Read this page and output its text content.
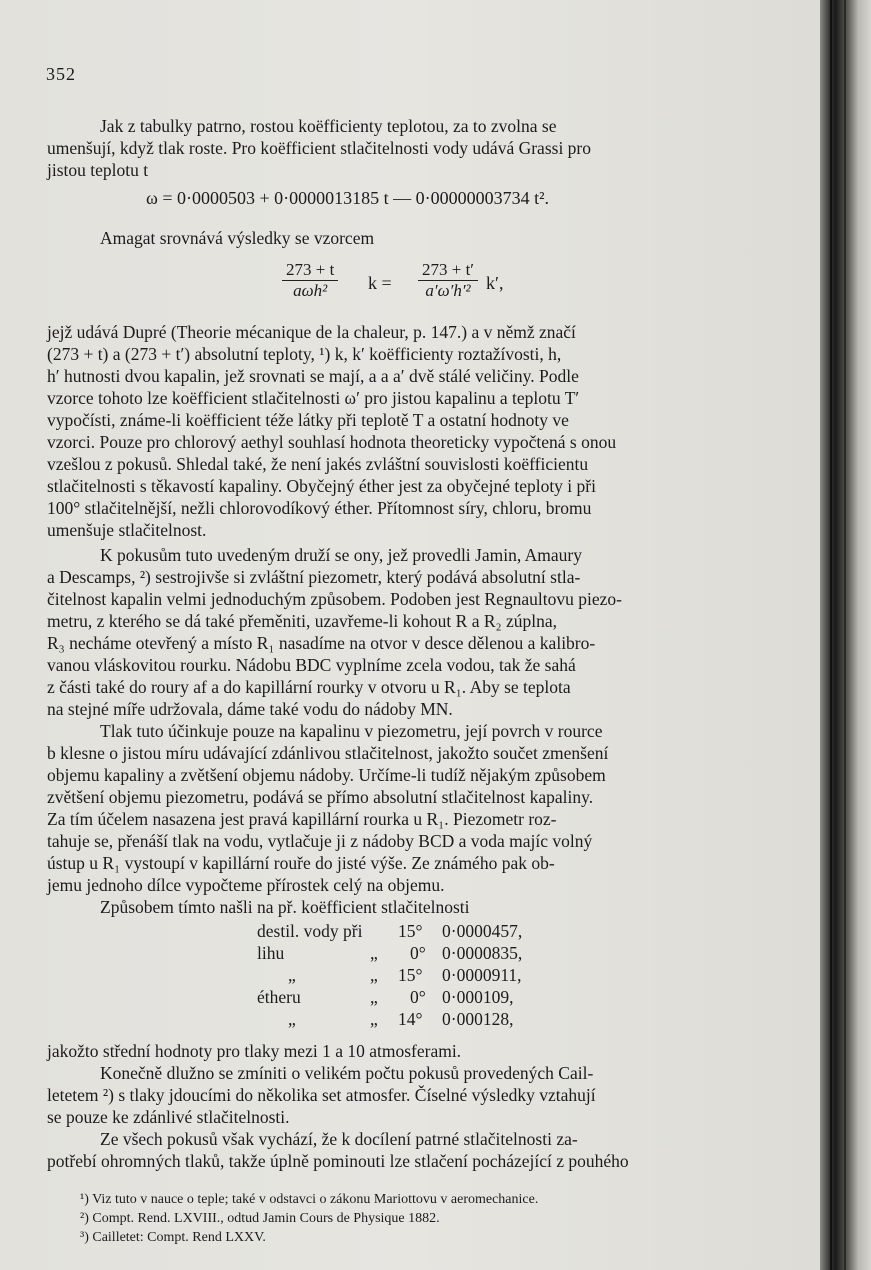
352
Jak z tabulky patrno, rostou koëfficienty teplotou, za to zvolna se
umenšují, když tlak roste. Pro koëfficient stlačitelnosti vody udává Grassi pro
jistou teplotu t
ω = 0·0000503 + 0·0000013185 t — 0·00000003734 t².
Amagat srovnává výsledky se vzorcem
273 + t
aωh²	$k = \frac{273 + t'}{\text{a′ω′h′²}} k'$,
jejž udává Dupré (Theorie mécanique de la chaleur, p. 147.) a v němž značí
(273 + t) a (273 + t′) absolutní teploty, ¹) k, k′ koëfficienty roztažívosti, h,
h′ hutnosti dvou kapalin, jež srovnati se mají, a a a′ dvě stálé veličiny. Podle
vzorce tohoto lze koëfficient stlačitelnosti ω′ pro jistou kapalinu a teplotu T′
vypočísti, známe-li koëfficient téže látky při teplotě T a ostatní hodnoty ve
vzorci. Pouze pro chlorový aethyl souhlasí hodnota theoreticky vypočtená s onou
vzešlou z pokusů. Shledal také, že není jakés zvláštní souvislosti koëfficientu
stlačitelnosti s těkavostí kapaliny. Obyčejný éther jest za obyčejné teploty i při
100° stlačitelnější, nežli chlorovodíkový éther. Přítomnost síry, chloru, bromu
umenšuje stlačitelnost.
K pokusům tuto uvedeným druží se ony, jež provedli Jamin, Amaury
a Descamps, ²) sestrojivše si zvláštní piezometr, který podává absolutní stla-
čitelnost kapalin velmi jednoduchým způsobem. Podoben jest Regnaultovu piezo-
metru, z kterého se dá také přeměniti, uzavřeme-li kohout R a R₂ zúplna,
R₃ necháme otevřený a místo R₁ nasadíme na otvor v desce dělenou a kalibro-
vanou vláskovitou rourku. Nádobu BDC vyplníme zcela vodou, tak že sahá
z části také do roury af a do kapillární rourky v otvoru u R₁. Aby se teplota
na stejné míře udržovala, dáme také vodu do nádoby MN.
Tlak tuto účinkuje pouze na kapalinu v piezometru, její povrch v rource
b klesne o jistou míru udávající zdánlivou stlačitelnost, jakožto součet zmenšení
objemu kapaliny a zvětšení objemu nádoby. Určíme-li tudíž nějakým způsobem
zvětšení objemu piezometru, podává se přímo absolutní stlačitelnost kapaliny.
Za tím účelem nasazena jest pravá kapillární rourka u R₁. Piezometr roz-
tahuje se, přenáší tlak na vodu, vytlačuje ji z nádoby BCD a voda majíc volný
ústup u R₁ vystoupí v kapillární rouře do jisté výše. Ze známého pak ob-
jemu jednoho dílce vypočteme přírostek celý na objemu.
Způsobem tímto našli na př. koëfficient stlačitelnosti
destil. vody při 15° 0·0000457,
lihu	„ 0° 0·0000835,
„	„ 15° 0·0000911,
étheru	„ 0° 0·000109,
„	„ 14° 0·000128,
jakožto střední hodnoty pro tlaky mezi 1 a 10 atmosferami.
Konečně dlužno se zmíniti o velikém počtu pokusů provedených Cail-
letetem ²) s tlaky jdoucími do několika set atmosfer. Číselné výsledky vztahují
se pouze ke zdánlivé stlačitelnosti.
Ze všech pokusů však vychází, že k docílení patrné stlačitelnosti za-
potřebí ohromných tlaků, takže úplně pominouti lze stlačení pocházející z pouhého
¹) Viz tuto v nauce o teple; také v odstavci o zákonu Mariottovu v aeromechanice.
²) Compt. Rend. LXVIII., odtud Jamin Cours de Physique 1882.
³) Cailletet: Compt. Rend LXXV.
